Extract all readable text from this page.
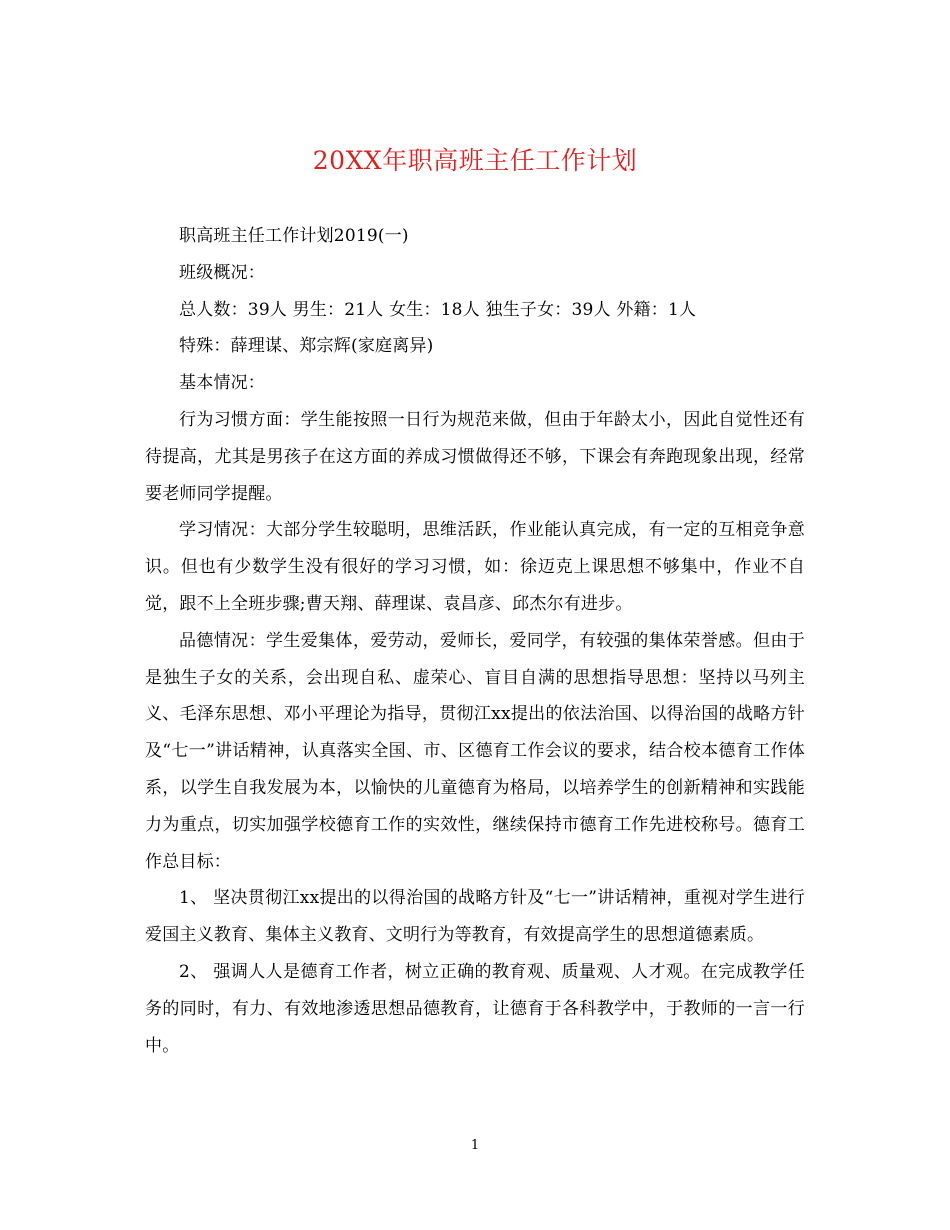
20XX年职高班主任工作计划

职高班主任工作计划2019(一)

班级概况：

总人数：39人 男生：21人 女生：18人 独生子女：39人 外籍：1人

特殊：薛理谋、郑宗辉(家庭离异)

基本情况：

行为习惯方面：学生能按照一日行为规范来做，但由于年龄太小，因此自觉性还有待提高，尤其是男孩子在这方面的养成习惯做得还不够，下课会有奔跑现象出现，经常要老师同学提醒。

学习情况：大部分学生较聪明，思维活跃，作业能认真完成，有一定的互相竞争意识。但也有少数学生没有很好的学习习惯，如：徐迈克上课思想不够集中，作业不自觉，跟不上全班步骤;曹天翔、薛理谋、袁昌彦、邱杰尔有进步。

品德情况：学生爱集体，爱劳动，爱师长，爱同学，有较强的集体荣誉感。但由于是独生子女的关系，会出现自私、虚荣心、盲目自满的思想指导思想：坚持以马列主义、毛泽东思想、邓小平理论为指导，贯彻江xx提出的依法治国、以得治国的战略方针及“七一”讲话精神，认真落实全国、市、区德育工作会议的要求，结合校本德育工作体系，以学生自我发展为本，以愉快的儿童德育为格局，以培养学生的创新精神和实践能力为重点，切实加强学校德育工作的实效性，继续保持市德育工作先进校称号。德育工作总目标：

1、 坚决贯彻江xx提出的以得治国的战略方针及“七一”讲话精神，重视对学生进行爱国主义教育、集体主义教育、文明行为等教育，有效提高学生的思想道德素质。

2、 强调人人是德育工作者，树立正确的教育观、质量观、人才观。在完成教学任务的同时，有力、有效地渗透思想品德教育，让德育于各科教学中，于教师的一言一行中。

1
